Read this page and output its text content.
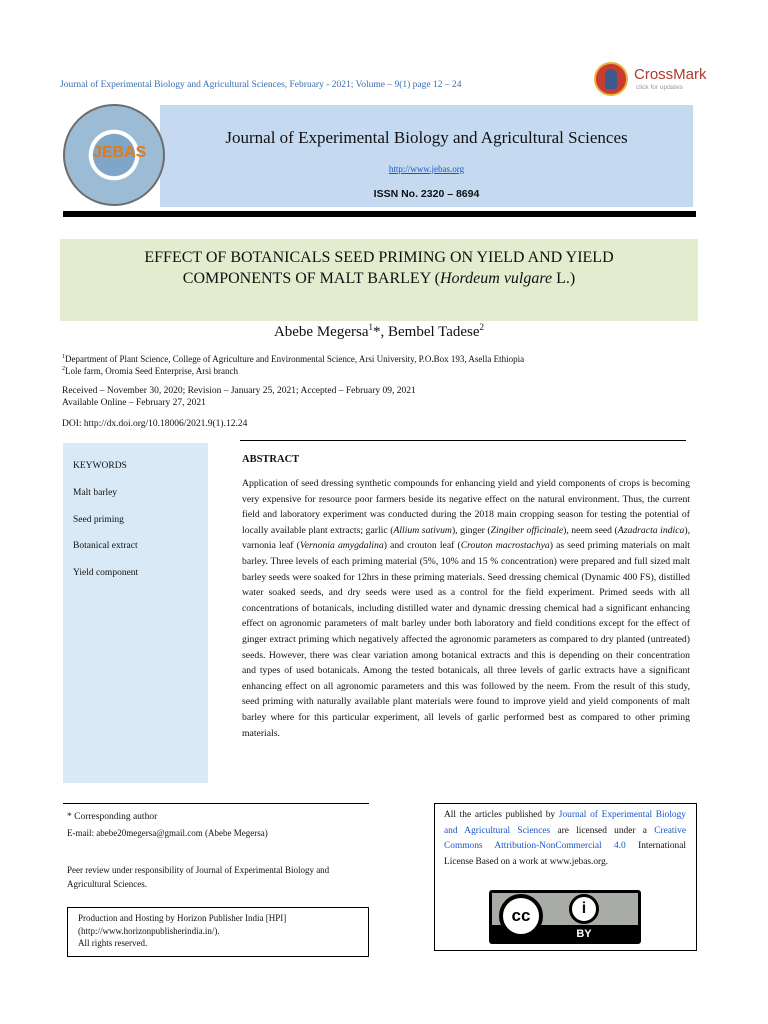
Journal of Experimental Biology and Agricultural Sciences, February - 2021; Volume – 9(1) page 12 – 24
CrossMark
click for updates
JEBAS
Journal of Experimental Biology and Agricultural Sciences
http://www.jebas.org
ISSN No. 2320 – 8694
EFFECT OF BOTANICALS SEED PRIMING ON YIELD AND YIELD
COMPONENTS OF MALT BARLEY (Hordeum vulgare L.)
Abebe Megersa$^1$*, Bembel Tadese$^2$
$^1$Department of Plant Science, College of Agriculture and Environmental Science, Arsi University, P.O.Box 193, Asella Ethiopia
$^2$Lole farm, Oromia Seed Enterprise, Arsi branch
Received – November 30, 2020; Revision – January 25, 2021; Accepted – February 09, 2021
Available Online – February 27, 2021
DOI: http://dx.doi.org/10.18006/2021.9(1).12.24
KEYWORDS
Malt barley
Seed priming
Botanical extract
Yield component
ABSTRACT
Application of seed dressing synthetic compounds for enhancing yield and yield components of crops is becoming very expensive for resource poor farmers beside its negative effect on the natural environment. Thus, the current field and laboratory experiment was conducted during the 2018 main cropping season for testing the potential of locally available plant extracts; garlic (Allium sativum), ginger (Zingiber officinale), neem seed (Azadracta indica), varnonia leaf (Vernonia amygdalina) and crouton leaf (Crouton macrostachya) as seed priming materials on malt barley. Three levels of each priming material (5%, 10% and 15 % concentration) were prepared and full sized malt barley seeds were soaked for 12hrs in these priming materials. Seed dressing chemical (Dynamic 400 FS), distilled water soaked seeds, and dry seeds were used as a control for the field experiment. Primed seeds with all concentrations of botanicals, including distilled water and dynamic dressing chemical had a significant enhancing effect on agronomic parameters of malt barley under both laboratory and field conditions except for the effect of ginger extract priming which negatively affected the agronomic parameters as compared to dry planted (untreated) seeds. However, there was clear variation among botanical extracts and this is depending on their concentration and types of used botanicals. Among the tested botanicals, all three levels of garlic extracts have a significant enhancing effect on all agronomic parameters and this was followed by the neem. From the result of this study, seed priming with naturally available plant materials were found to improve yield and yield components of malt barley where for this particular experiment, all levels of garlic performed best as compared to other priming materials.
* Corresponding author
E-mail: abebe20megersa@gmail.com (Abebe Megersa)
Peer review under responsibility of Journal of Experimental Biology and Agricultural Sciences.
Production and Hosting by Horizon Publisher India [HPI]
(http://www.horizonpublisherindia.in/).
All rights reserved.
All the articles published by Journal of Experimental Biology and Agricultural Sciences are licensed under a Creative Commons Attribution-NonCommercial 4.0 International License Based on a work at www.jebas.org.
cc	i
BY
